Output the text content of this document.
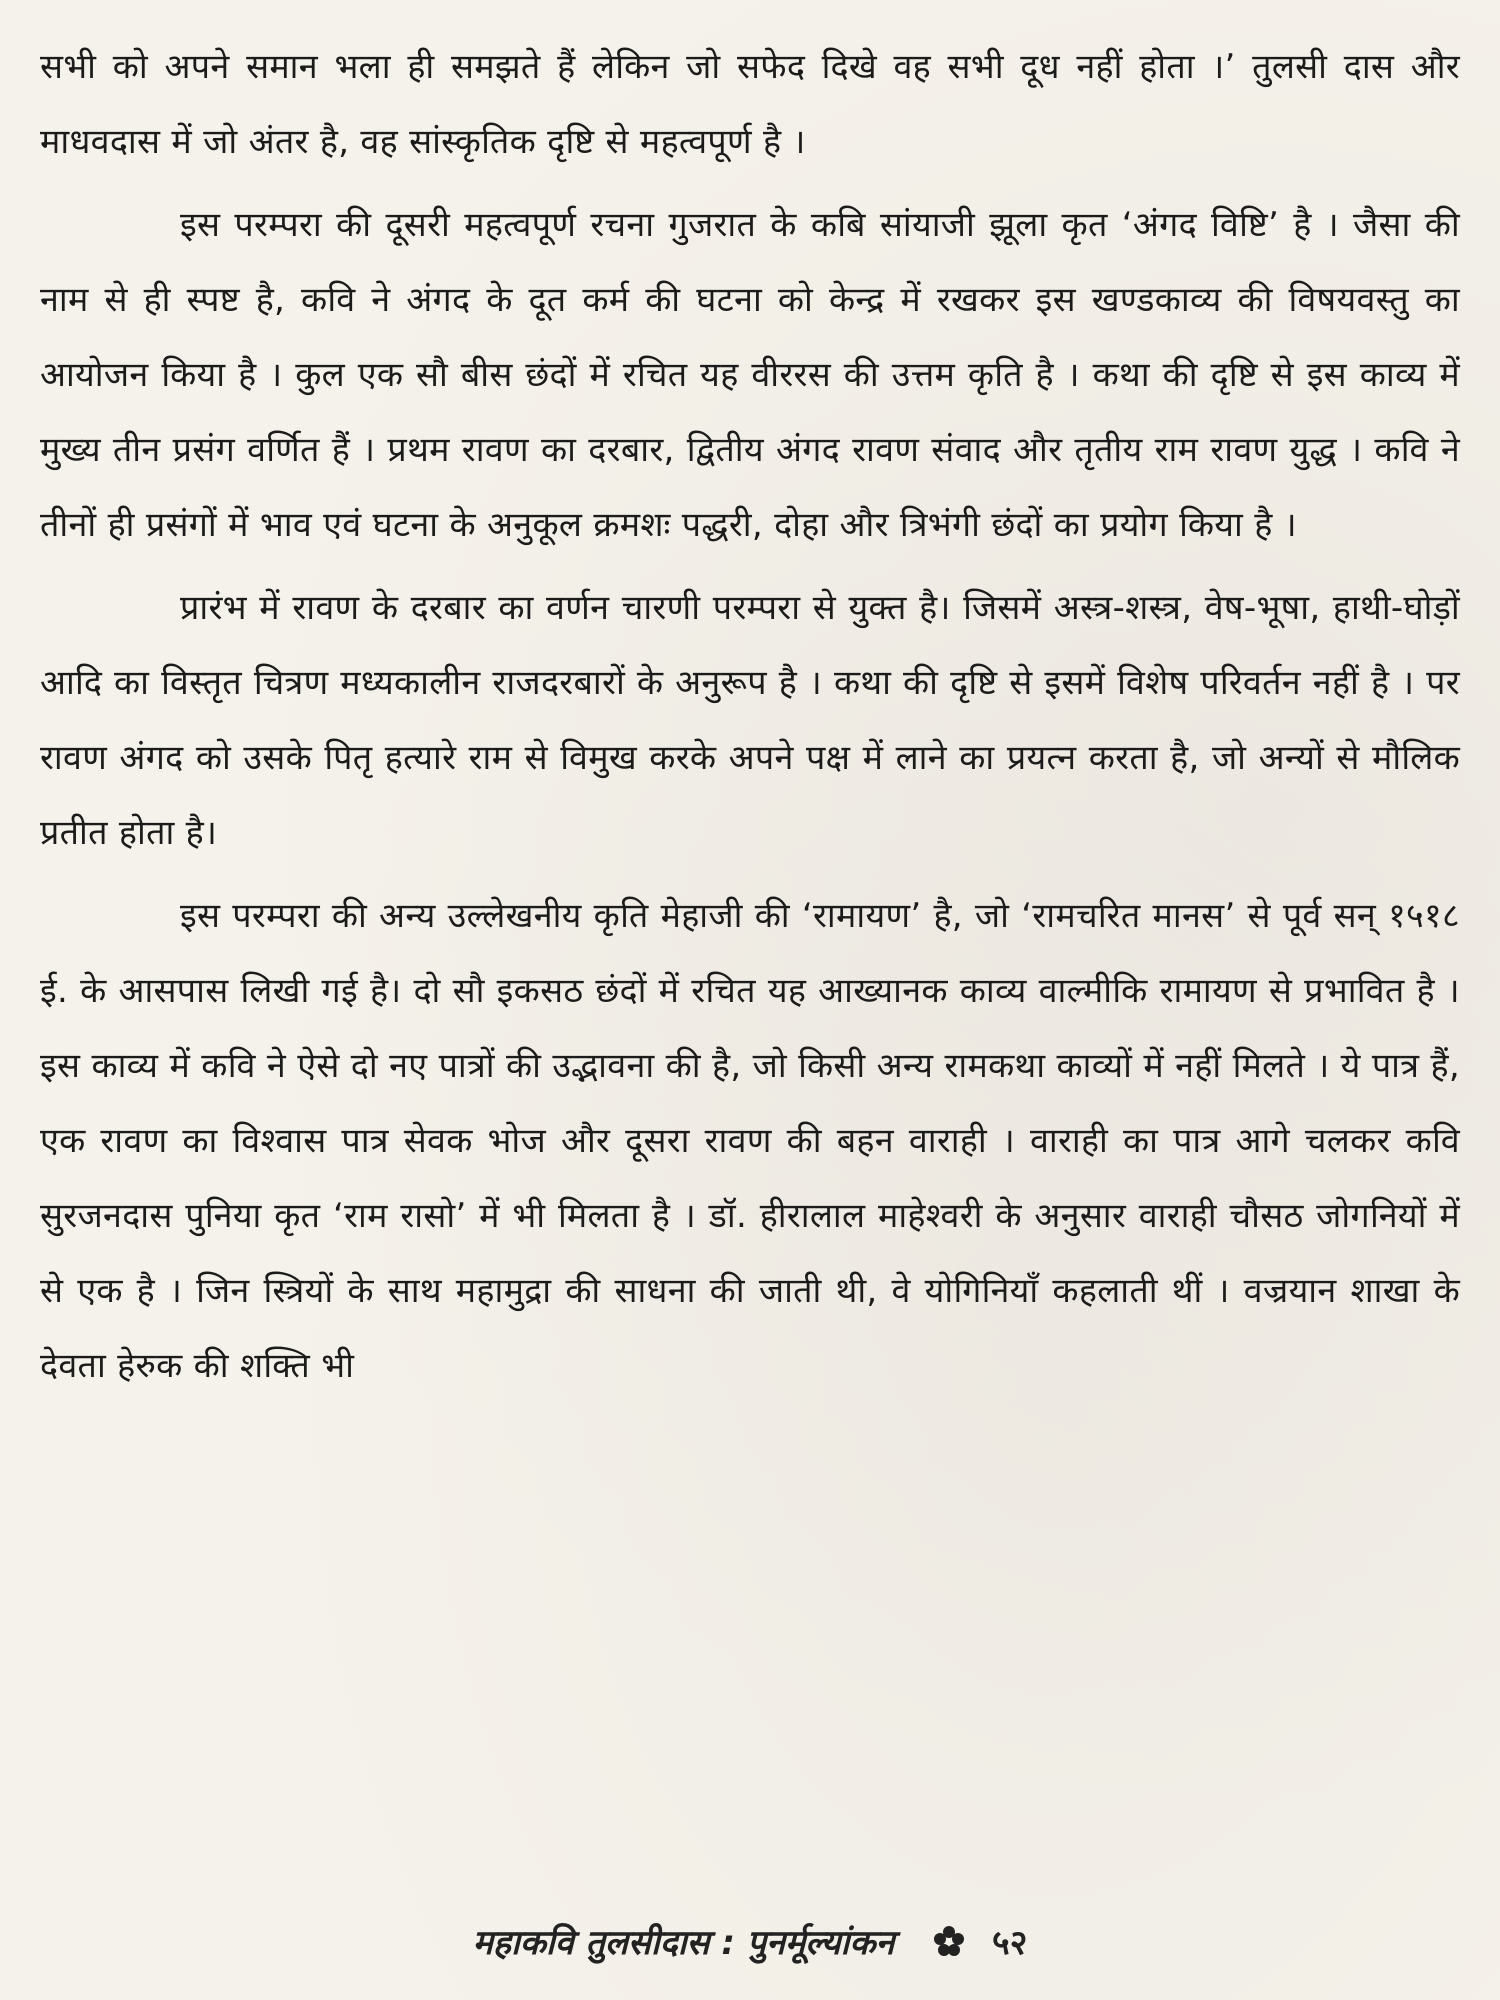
सभी को अपने समान भला ही समझते हैं लेकिन जो सफेद दिखे वह सभी दूध नहीं होता ।’ तुलसी दास और माधवदास में जो अंतर है, वह सांस्कृतिक दृष्टि से महत्वपूर्ण है ।

इस परम्परा की दूसरी महत्वपूर्ण रचना गुजरात के कबि सांयाजी झूला कृत ‘अंगद विष्टि’ है । जैसा की नाम से ही स्पष्ट है, कवि ने अंगद के दूत कर्म की घटना को केन्द्र में रखकर इस खण्डकाव्य की विषयवस्तु का आयोजन किया है । कुल एक सौ बीस छंदों में रचित यह वीररस की उत्तम कृति है । कथा की दृष्टि से इस काव्य में मुख्य तीन प्रसंग वर्णित हैं । प्रथम रावण का दरबार, द्वितीय अंगद रावण संवाद और तृतीय राम रावण युद्ध । कवि ने तीनों ही प्रसंगों में भाव एवं घटना के अनुकूल क्रमशः पद्धरी, दोहा और त्रिभंगी छंदों का प्रयोग किया है ।

प्रारंभ में रावण के दरबार का वर्णन चारणी परम्परा से युक्त है। जिसमें अस्त्र-शस्त्र, वेष-भूषा, हाथी-घोड़ों आदि का विस्तृत चित्रण मध्यकालीन राजदरबारों के अनुरूप है । कथा की दृष्टि से इसमें विशेष परिवर्तन नहीं है । पर रावण अंगद को उसके पितृ हत्यारे राम से विमुख करके अपने पक्ष में लाने का प्रयत्न करता है, जो अन्यों से मौलिक प्रतीत होता है।

इस परम्परा की अन्य उल्लेखनीय कृति मेहाजी की ‘रामायण’ है, जो ‘रामचरित मानस’ से पूर्व सन् १५१८ ई. के आसपास लिखी गई है। दो सौ इकसठ छंदों में रचित यह आख्यानक काव्य वाल्मीकि रामायण से प्रभावित है । इस काव्य में कवि ने ऐसे दो नए पात्रों की उद्भावना की है, जो किसी अन्य रामकथा काव्यों में नहीं मिलते । ये पात्र हैं, एक रावण का विश्वास पात्र सेवक भोज और दूसरा रावण की बहन वाराही । वाराही का पात्र आगे चलकर कवि सुरजनदास पुनिया कृत ‘राम रासो’ में भी मिलता है । डॉ. हीरालाल माहेश्वरी के अनुसार वाराही चौसठ जोगनियों में से एक है । जिन स्त्रियों के साथ महामुद्रा की साधना की जाती थी, वे योगिनियाँ कहलाती थीं । वज्रयान शाखा के देवता हेरुक की शक्ति भी

महाकवि तुलसीदास : पुनर्मूल्यांकन	५२
